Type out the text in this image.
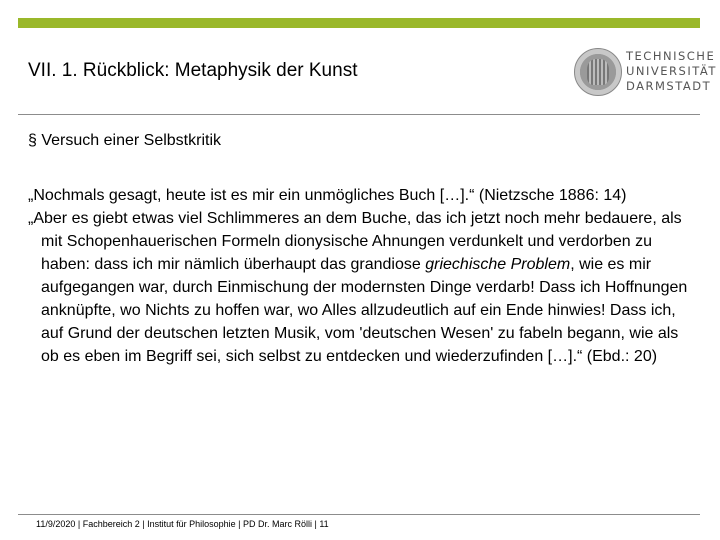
VII. 1. Rückblick: Metaphysik der Kunst
TECHNISCHE
UNIVERSITÄT
DARMSTADT
§ Versuch einer Selbstkritik

„Nochmals gesagt, heute ist es mir ein unmögliches Buch […].“ (Nietzsche 1886: 14)

„Aber es giebt etwas viel Schlimmeres an dem Buche, das ich jetzt noch mehr bedauere, als mit Schopenhauerischen Formeln dionysische Ahnungen verdunkelt und verdorben zu haben: dass ich mir nämlich überhaupt das grandiose griechische Problem, wie es mir aufgegangen war, durch Einmischung der modernsten Dinge verdarb! Dass ich Hoffnungen anknüpfte, wo Nichts zu hoffen war, wo Alles allzudeutlich auf ein Ende hinwies! Dass ich, auf Grund der deutschen letzten Musik, vom 'deutschen Wesen' zu fabeln begann, wie als ob es eben im Begriff sei, sich selbst zu entdecken und wiederzufinden […].“ (Ebd.: 20)

11/9/2020 | Fachbereich 2 | Institut für Philosophie | PD Dr. Marc Rölli | 11
